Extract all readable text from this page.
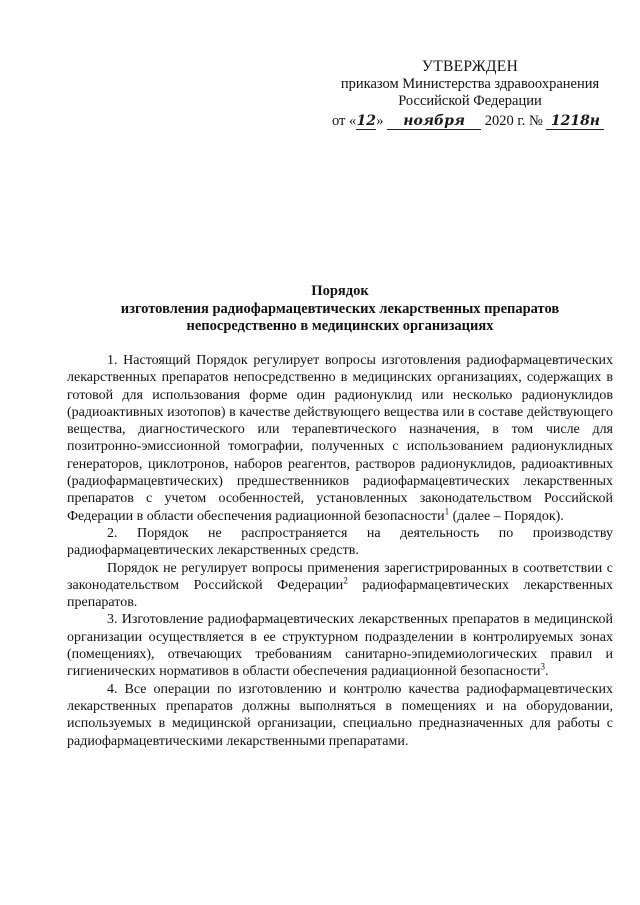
УТВЕРЖДЕН
приказом Министерства здравоохранения
Российской Федерации
от «12» ноября 2020 г. № 1218н
Порядок
изготовления радиофармацевтических лекарственных препаратов
непосредственно в медицинских организациях

1. Настоящий Порядок регулирует вопросы изготовления радиофармацевтических лекарственных препаратов непосредственно в медицинских организациях, содержащих в готовой для использования форме один радионуклид или несколько радионуклидов (радиоактивных изотопов) в качестве действующего вещества или в составе действующего вещества, диагностического или терапевтического назначения, в том числе для позитронно-эмиссионной томографии, полученных с использованием радионуклидных генераторов, циклотронов, наборов реагентов, растворов радионуклидов, радиоактивных (радиофармацевтических) предшественников радиофармацевтических лекарственных препаратов с учетом особенностей, установленных законодательством Российской Федерации в области обеспечения радиационной безопасности$^1$ (далее – Порядок).

2. Порядок не распространяется на деятельность по производству радиофармацевтических лекарственных средств.

Порядок не регулирует вопросы применения зарегистрированных в соответствии с законодательством Российской Федерации$^2$ радиофармацевтических лекарственных препаратов.

3. Изготовление радиофармацевтических лекарственных препаратов в медицинской организации осуществляется в ее структурном подразделении в контролируемых зонах (помещениях), отвечающих требованиям санитарно-эпидемиологических правил и гигиенических нормативов в области обеспечения радиационной безопасности$^3$.

4. Все операции по изготовлению и контролю качества радиофармацевтических лекарственных препаратов должны выполняться в помещениях и на оборудовании, используемых в медицинской организации, специально предназначенных для работы с радиофармацевтическими лекарственными препаратами.
